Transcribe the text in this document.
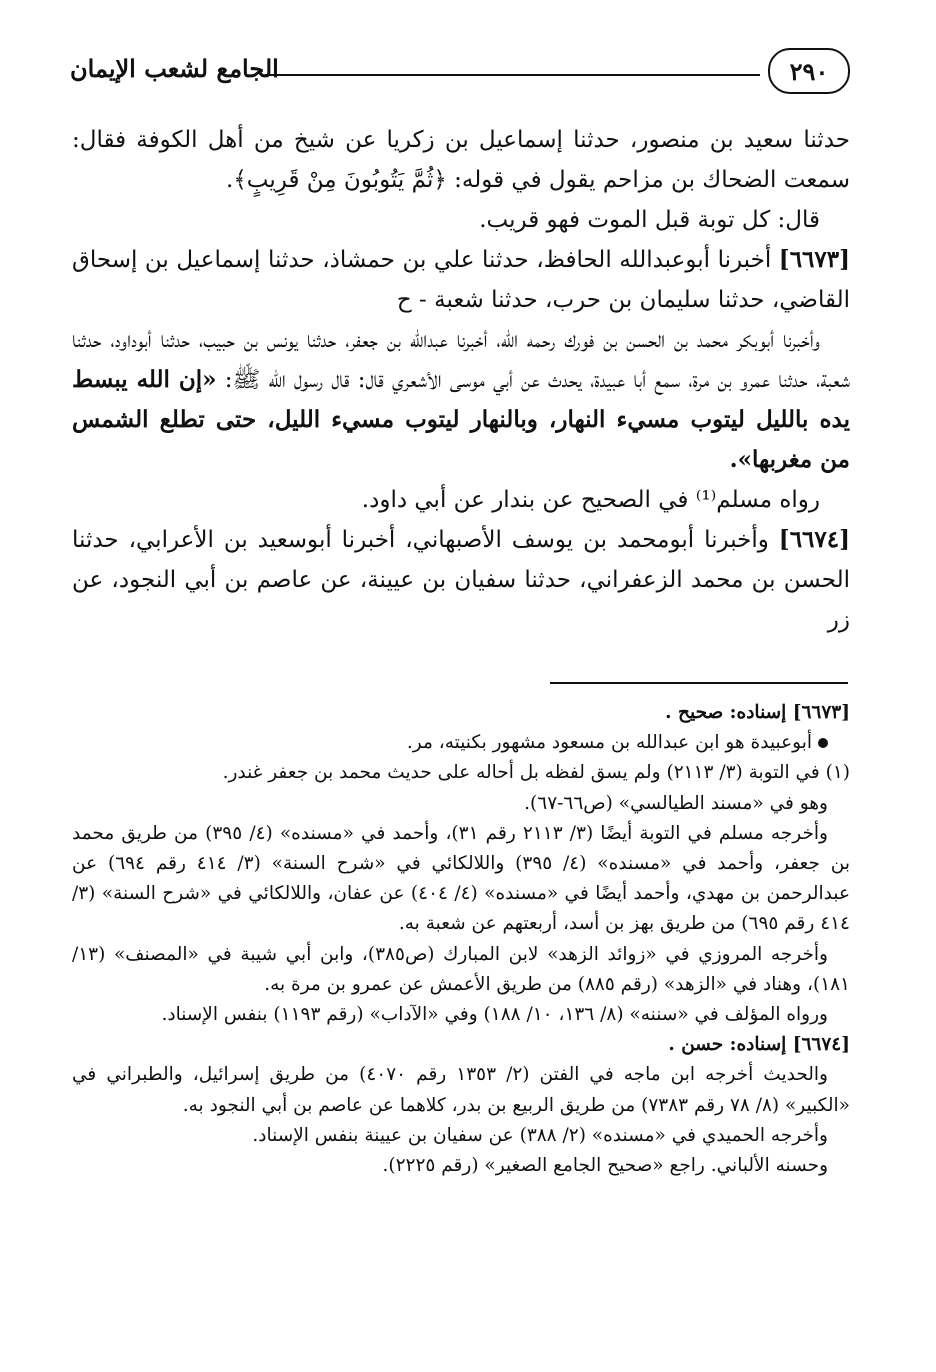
الجامع لشعب الإيمان	٢٩٠

حدثنا سعيد بن منصور، حدثنا إسماعيل بن زكريا عن شيخ من أهل الكوفة فقال: سمعت الضحاك بن مزاحم يقول في قوله: ﴿ثُمَّ يَتُوبُونَ مِنْ قَرِيبٍ﴾.

قال: كل توبة قبل الموت فهو قريب.

[٦٦٧٣] أخبرنا أبوعبدالله الحافظ، حدثنا علي بن حمشاذ، حدثنا إسماعيل بن إسحاق القاضي، حدثنا سليمان بن حرب، حدثنا شعبة - ح

وأخبرنا أبوبكر محمد بن الحسن بن فورك رحمه الله، أخبرنا عبدالله بن جعفر، حدثنا يونس بن حبيب، حدثنا أبوداود، حدثنا شعبة، حدثنا عمرو بن مرة، سمع أبا عبيدة، يحدث عن أبي موسى الأشعري قال: قال رسول الله ﷺ: «إن الله يبسط يده بالليل ليتوب مسيء النهار، وبالنهار ليتوب مسيء الليل، حتى تطلع الشمس من مغربها».

رواه مسلم⁽¹⁾ في الصحيح عن بندار عن أبي داود.

[٦٦٧٤] وأخبرنا أبومحمد بن يوسف الأصبهاني، أخبرنا أبوسعيد بن الأعرابي، حدثنا الحسن بن محمد الزعفراني، حدثنا سفيان بن عيينة، عن عاصم بن أبي النجود، عن زر

[٦٦٧٣] إسناده: صحيح .

أبوعبيدة هو ابن عبدالله بن مسعود مشهور بكنيته، مر.

(١) في التوبة (٣/ ٢١١٣) ولم يسق لفظه بل أحاله على حديث محمد بن جعفر غندر.

وهو في «مسند الطيالسي» (ص٦٦-٦٧).

وأخرجه مسلم في التوبة أيضًا (٣/ ٢١١٣ رقم ٣١)، وأحمد في «مسنده» (٤/ ٣٩٥) من طريق محمد بن جعفر، وأحمد في «مسنده» (٤/ ٣٩٥) واللالكائي في «شرح السنة» (٣/ ٤١٤ رقم ٦٩٤) عن عبدالرحمن بن مهدي، وأحمد أيضًا في «مسنده» (٤/ ٤٠٤) عن عفان، واللالكائي في «شرح السنة» (٣/ ٤١٤ رقم ٦٩٥) من طريق بهز بن أسد، أربعتهم عن شعبة به.

وأخرجه المروزي في «زوائد الزهد» لابن المبارك (ص٣٨٥)، وابن أبي شيبة في «المصنف» (١٣/ ١٨١)، وهناد في «الزهد» (رقم ٨٨٥) من طريق الأعمش عن عمرو بن مرة به.

ورواه المؤلف في «سننه» (٨/ ١٣٦، ١٠/ ١٨٨) وفي «الآداب» (رقم ١١٩٣) بنفس الإسناد.

[٦٦٧٤] إسناده: حسن .

والحديث أخرجه ابن ماجه في الفتن (٢/ ١٣٥٣ رقم ٤٠٧٠) من طريق إسرائيل، والطبراني في «الكبير» (٨/ ٧٨ رقم ٧٣٨٣) من طريق الربيع بن بدر، كلاهما عن عاصم بن أبي النجود به.

وأخرجه الحميدي في «مسنده» (٢/ ٣٨٨) عن سفيان بن عيينة بنفس الإسناد.

وحسنه الألباني. راجع «صحيح الجامع الصغير» (رقم ٢٢٢٥).
